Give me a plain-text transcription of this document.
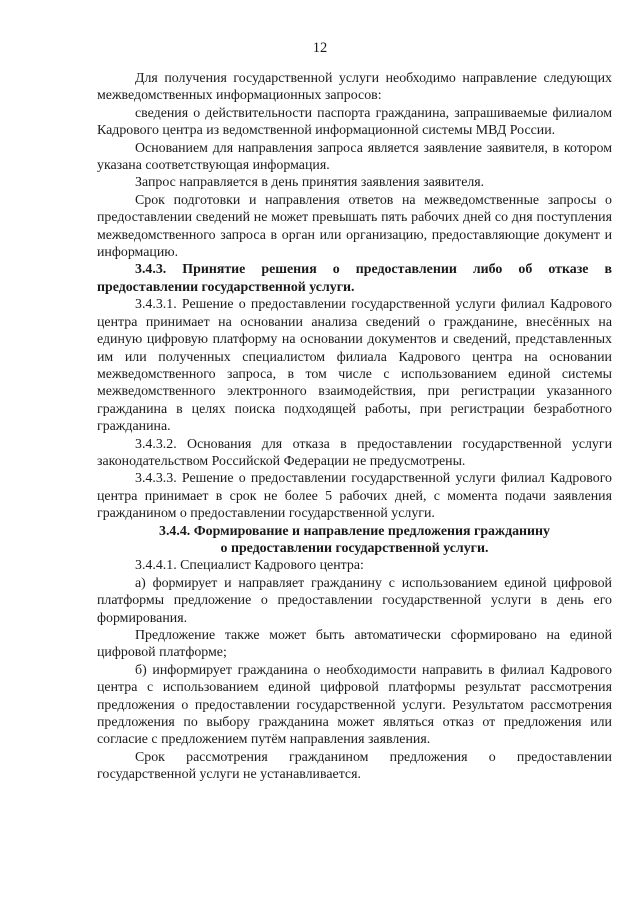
12

Для получения государственной услуги необходимо направление следующих межведомственных информационных запросов:

сведения о действительности паспорта гражданина, запрашиваемые филиалом Кадрового центра из ведомственной информационной системы МВД России.

Основанием для направления запроса является заявление заявителя, в котором указана соответствующая информация.

Запрос направляется в день принятия заявления заявителя.

Срок подготовки и направления ответов на межведомственные запросы о предоставлении сведений не может превышать пять рабочих дней со дня поступления межведомственного запроса в орган или организацию, предоставляющие документ и информацию.

3.4.3. Принятие решения о предоставлении либо об отказе в предоставлении государственной услуги.

3.4.3.1. Решение о предоставлении государственной услуги филиал Кадрового центра принимает на основании анализа сведений о гражданине, внесённых на единую цифровую платформу на основании документов и сведений, представленных им или полученных специалистом филиала Кадрового центра на основании межведомственного запроса, в том числе с использованием единой системы межведомственного электронного взаимодействия, при регистрации указанного гражданина в целях поиска подходящей работы, при регистрации безработного гражданина.

3.4.3.2. Основания для отказа в предоставлении государственной услуги законодательством Российской Федерации не предусмотрены.

3.4.3.3. Решение о предоставлении государственной услуги филиал Кадрового центра принимает в срок не более 5 рабочих дней, с момента подачи заявления гражданином о предоставлении государственной услуги.

3.4.4. Формирование и направление предложения гражданину

о предоставлении государственной услуги.

3.4.4.1. Специалист Кадрового центра:

а) формирует и направляет гражданину с использованием единой цифровой платформы предложение о предоставлении государственной услуги в день его формирования.

Предложение также может быть автоматически сформировано на единой цифровой платформе;

б) информирует гражданина о необходимости направить в филиал Кадрового центра с использованием единой цифровой платформы результат рассмотрения предложения о предоставлении государственной услуги. Результатом рассмотрения предложения по выбору гражданина может являться отказ от предложения или согласие с предложением путём направления заявления.

Срок рассмотрения гражданином предложения о предоставлении государственной услуги не устанавливается.
